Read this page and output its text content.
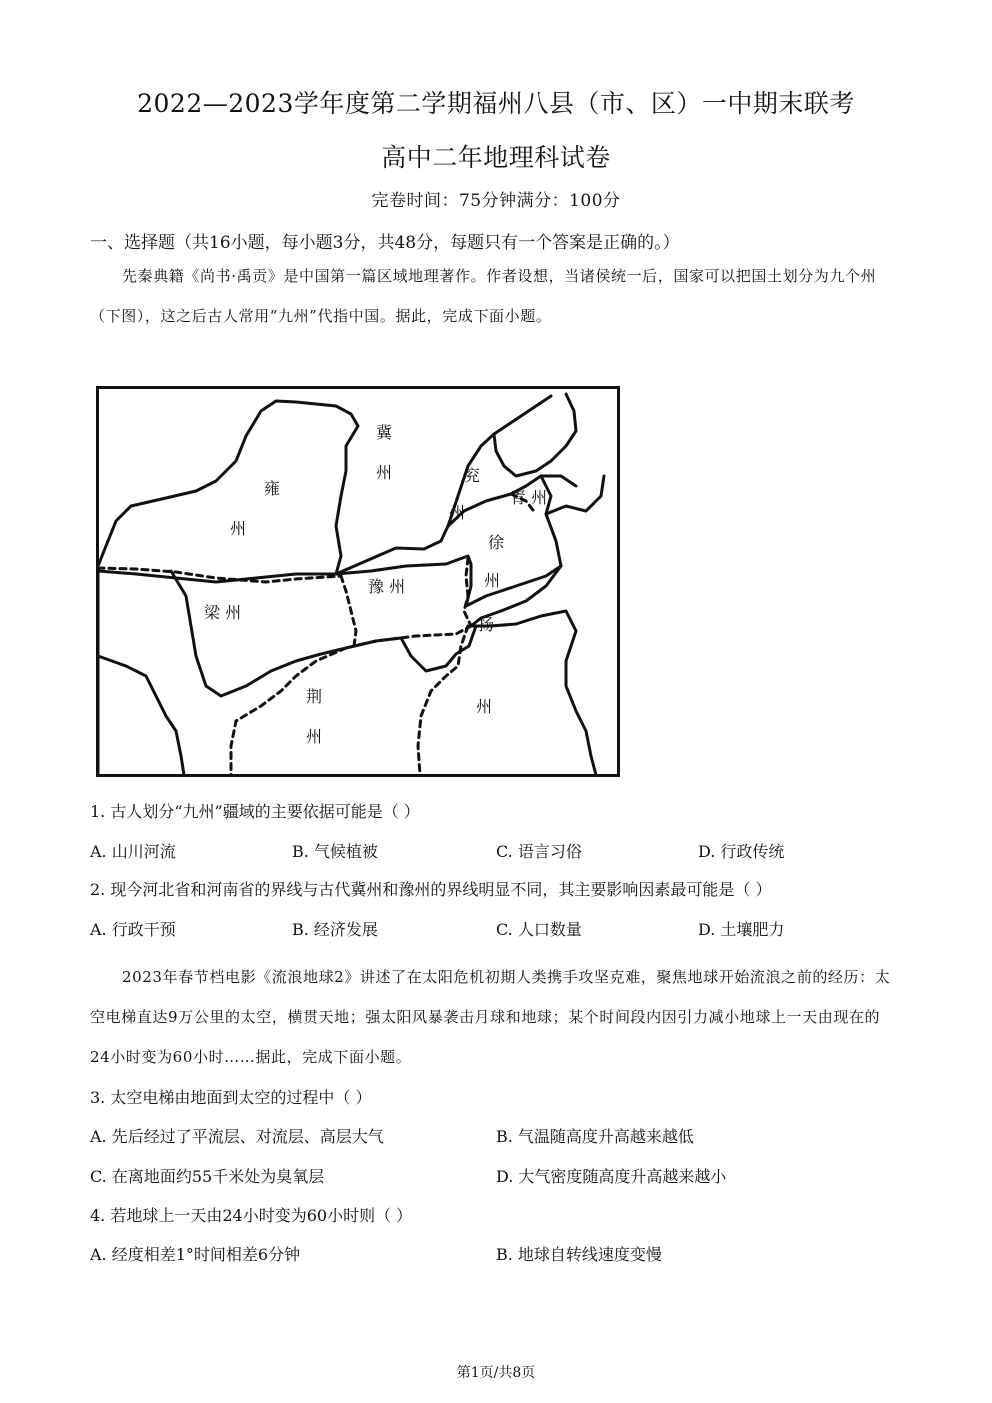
2022—2023学年度第二学期福州八县（市、区）一中期末联考
高中二年地理科试卷
完卷时间：75分钟满分：100分
一、选择题（共16小题，每小题3分，共48分，每题只有一个答案是正确的。）
先秦典籍《尚书·禹贡》是中国第一篇区域地理著作。作者设想，当诸侯统一后，国家可以把国土划分为九个州（下图），这之后古人常用“九州”代指中国。据此，完成下面小题。
冀
州	兖
州
青 州
雍
州
徐
州
豫 州
梁 州
扬
州
荆
州
1. 古人划分“九州”疆域的主要依据可能是（ ）
A. 山川河流	B. 气候植被	C. 语言习俗	D. 行政传统
2. 现今河北省和河南省的界线与古代冀州和豫州的界线明显不同，其主要影响因素最可能是（ ）
A. 行政干预	B. 经济发展	C. 人口数量	D. 土壤肥力
2023年春节档电影《流浪地球2》讲述了在太阳危机初期人类携手攻坚克难，聚焦地球开始流浪之前的经历：太空电梯直达9万公里的太空，横贯天地；强太阳风暴袭击月球和地球；某个时间段内因引力减小地球上一天由现在的24小时变为60小时……据此，完成下面小题。
3. 太空电梯由地面到太空的过程中（ ）
A. 先后经过了平流层、对流层、高层大气	B. 气温随高度升高越来越低
C. 在离地面约55千米处为臭氧层	D. 大气密度随高度升高越来越小
4. 若地球上一天由24小时变为60小时则（ ）
A. 经度相差1°时间相差6分钟	B. 地球自转线速度变慢
第1页/共8页
